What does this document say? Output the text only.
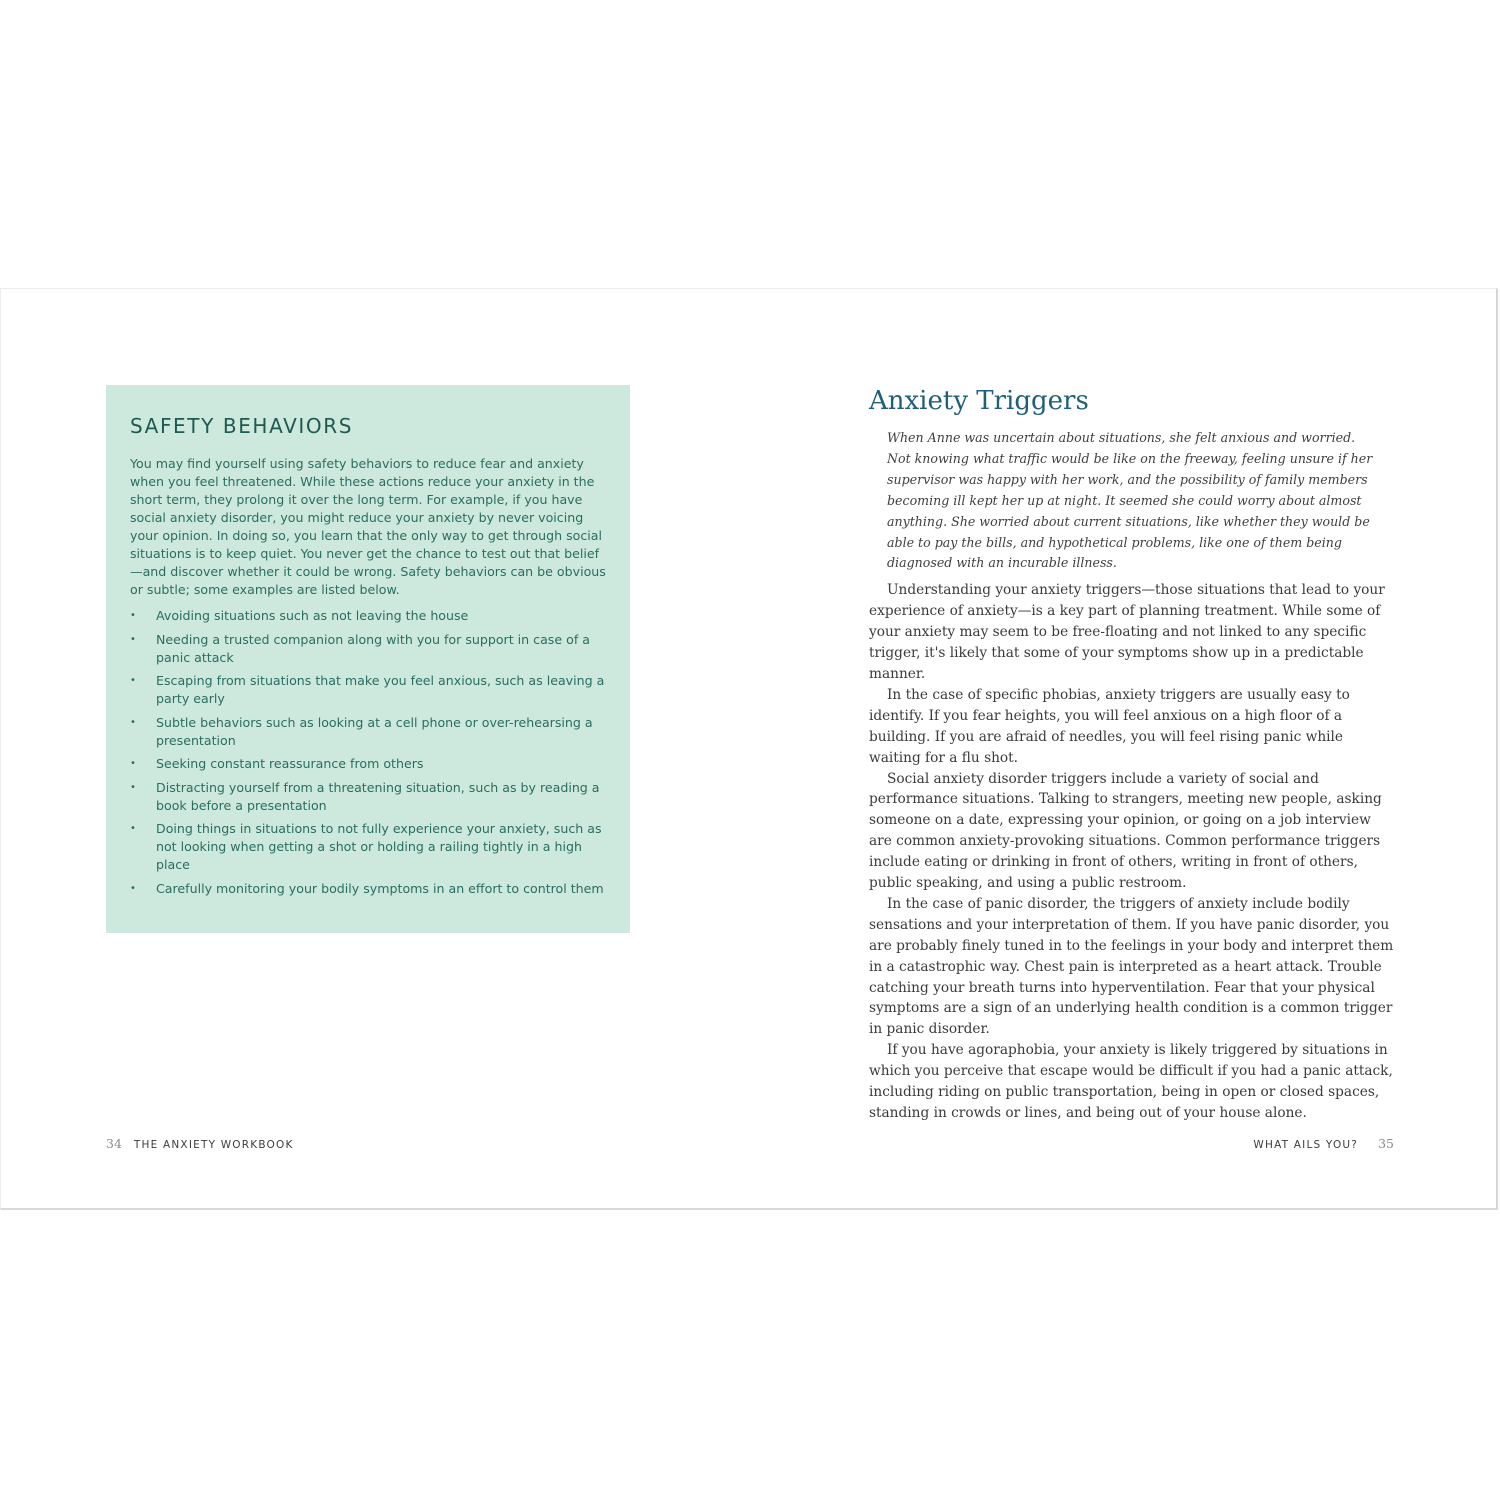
SAFETY BEHAVIORS

You may find yourself using safety behaviors to reduce fear and anxiety when you feel threatened. While these actions reduce your anxiety in the short term, they prolong it over the long term. For example, if you have social anxiety disorder, you might reduce your anxiety by never voicing your opinion. In doing so, you learn that the only way to get through social situations is to keep quiet. You never get the chance to test out that belief—and discover whether it could be wrong. Safety behaviors can be obvious or subtle; some examples are listed below.

•	Avoiding situations such as not leaving the house
•	Needing a trusted companion along with you for support in case of a panic attack
•	Escaping from situations that make you feel anxious, such as leaving a party early
•	Subtle behaviors such as looking at a cell phone or over-rehearsing a presentation
•	Seeking constant reassurance from others
•	Distracting yourself from a threatening situation, such as by reading a book before a presentation
•	Doing things in situations to not fully experience your anxiety, such as not looking when getting a shot or holding a railing tightly in a high place
•	Carefully monitoring your bodily symptoms in an effort to control them
Anxiety Triggers

When Anne was uncertain about situations, she felt anxious and worried. Not knowing what traffic would be like on the freeway, feeling unsure if her supervisor was happy with her work, and the possibility of family members becoming ill kept her up at night. It seemed she could worry about almost anything. She worried about current situations, like whether they would be able to pay the bills, and hypothetical problems, like one of them being diagnosed with an incurable illness.

Understanding your anxiety triggers—those situations that lead to your experience of anxiety—is a key part of planning treatment. While some of your anxiety may seem to be free-floating and not linked to any specific trigger, it's likely that some of your symptoms show up in a predictable manner.

In the case of specific phobias, anxiety triggers are usually easy to identify. If you fear heights, you will feel anxious on a high floor of a building. If you are afraid of needles, you will feel rising panic while waiting for a flu shot.

Social anxiety disorder triggers include a variety of social and performance situations. Talking to strangers, meeting new people, asking someone on a date, expressing your opinion, or going on a job interview are common anxiety-provoking situations. Common performance triggers include eating or drinking in front of others, writing in front of others, public speaking, and using a public restroom.

In the case of panic disorder, the triggers of anxiety include bodily sensations and your interpretation of them. If you have panic disorder, you are probably finely tuned in to the feelings in your body and interpret them in a catastrophic way. Chest pain is interpreted as a heart attack. Trouble catching your breath turns into hyperventilation. Fear that your physical symptoms are a sign of an underlying health condition is a common trigger in panic disorder.

If you have agoraphobia, your anxiety is likely triggered by situations in which you perceive that escape would be difficult if you had a panic attack, including riding on public transportation, being in open or closed spaces, standing in crowds or lines, and being out of your house alone.

34 THE ANXIETY WORKBOOK	WHAT AILS YOU? 35
